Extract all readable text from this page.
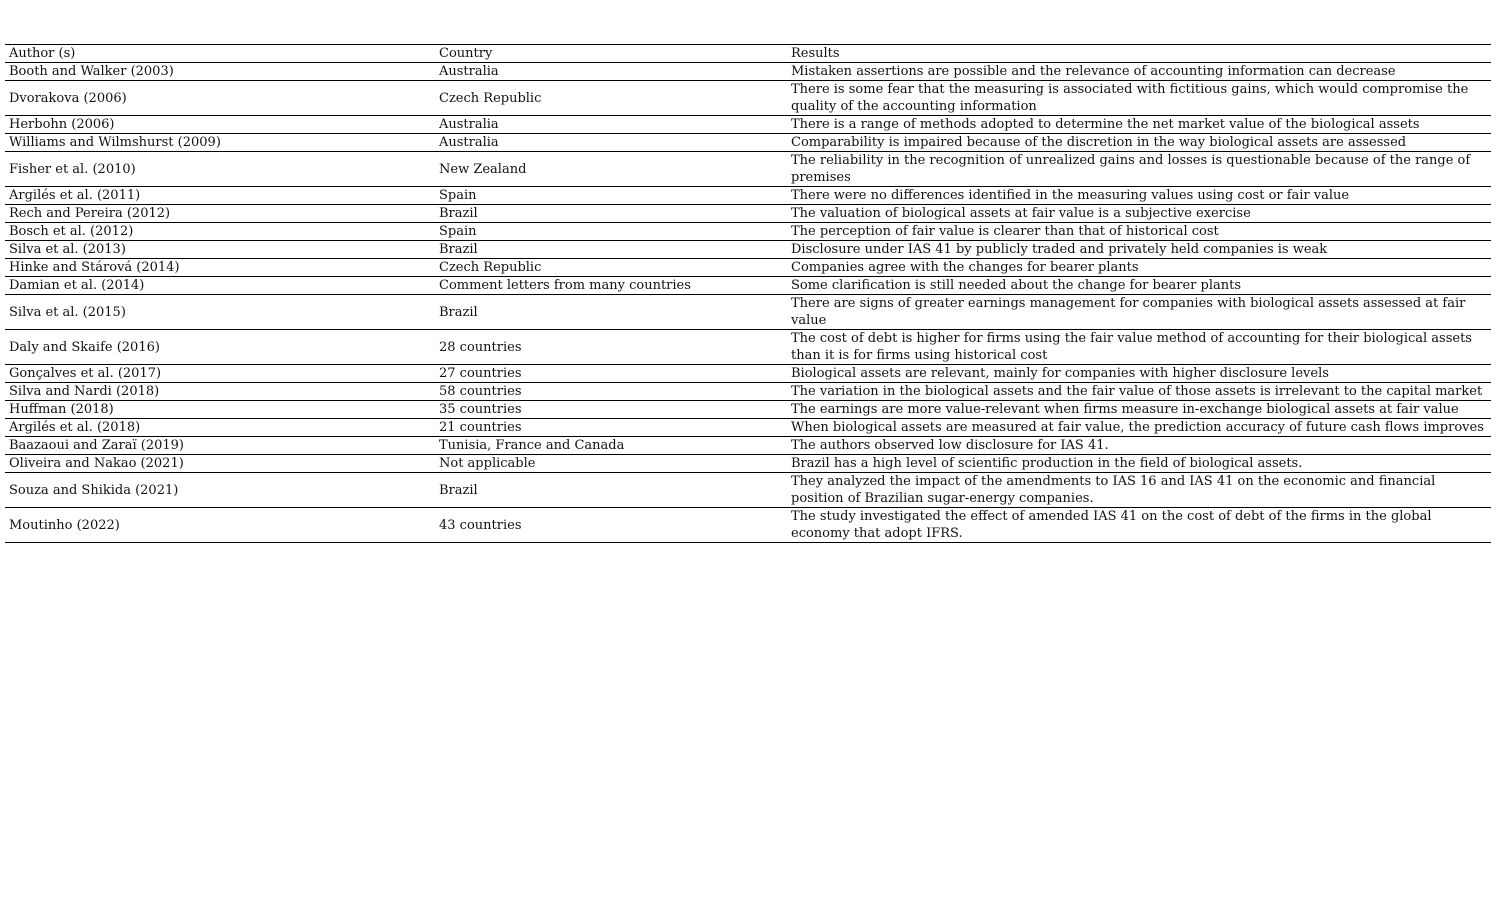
Author (s)	Country	Results
Booth and Walker (2003)	Australia	Mistaken assertions are possible and the relevance of accounting information can decrease
Dvorakova (2006)	Czech Republic	There is some fear that the measuring is associated with fictitious gains, which would compromise the quality of the accounting information
Herbohn (2006)	Australia	There is a range of methods adopted to determine the net market value of the biological assets
Williams and Wilmshurst (2009)	Australia	Comparability is impaired because of the discretion in the way biological assets are assessed
Fisher et al. (2010)	New Zealand	The reliability in the recognition of unrealized gains and losses is questionable because of the range of premises
Argilés et al. (2011)	Spain	There were no differences identified in the measuring values using cost or fair value
Rech and Pereira (2012)	Brazil	The valuation of biological assets at fair value is a subjective exercise
Bosch et al. (2012)	Spain	The perception of fair value is clearer than that of historical cost
Silva et al. (2013)	Brazil	Disclosure under IAS 41 by publicly traded and privately held companies is weak
Hinke and Stárová (2014)	Czech Republic	Companies agree with the changes for bearer plants
Damian et al. (2014)	Comment letters from many countries	Some clarification is still needed about the change for bearer plants
Silva et al. (2015)	Brazil	There are signs of greater earnings management for companies with biological assets assessed at fair value
Daly and Skaife (2016)	28 countries	The cost of debt is higher for firms using the fair value method of accounting for their biological assets than it is for firms using historical cost
Gonçalves et al. (2017)	27 countries	Biological assets are relevant, mainly for companies with higher disclosure levels
Silva and Nardi (2018)	58 countries	The variation in the biological assets and the fair value of those assets is irrelevant to the capital market
Huffman (2018)	35 countries	The earnings are more value-relevant when firms measure in-exchange biological assets at fair value
Argilés et al. (2018)	21 countries	When biological assets are measured at fair value, the prediction accuracy of future cash flows improves
Baazaoui and Zaraï (2019)	Tunisia, France and Canada	The authors observed low disclosure for IAS 41.
Oliveira and Nakao (2021)	Not applicable	Brazil has a high level of scientific production in the field of biological assets.
Souza and Shikida (2021)	Brazil	They analyzed the impact of the amendments to IAS 16 and IAS 41 on the economic and financial position of Brazilian sugar-energy companies.
Moutinho (2022)	43 countries	The study investigated the effect of amended IAS 41 on the cost of debt of the firms in the global economy that adopt IFRS.
